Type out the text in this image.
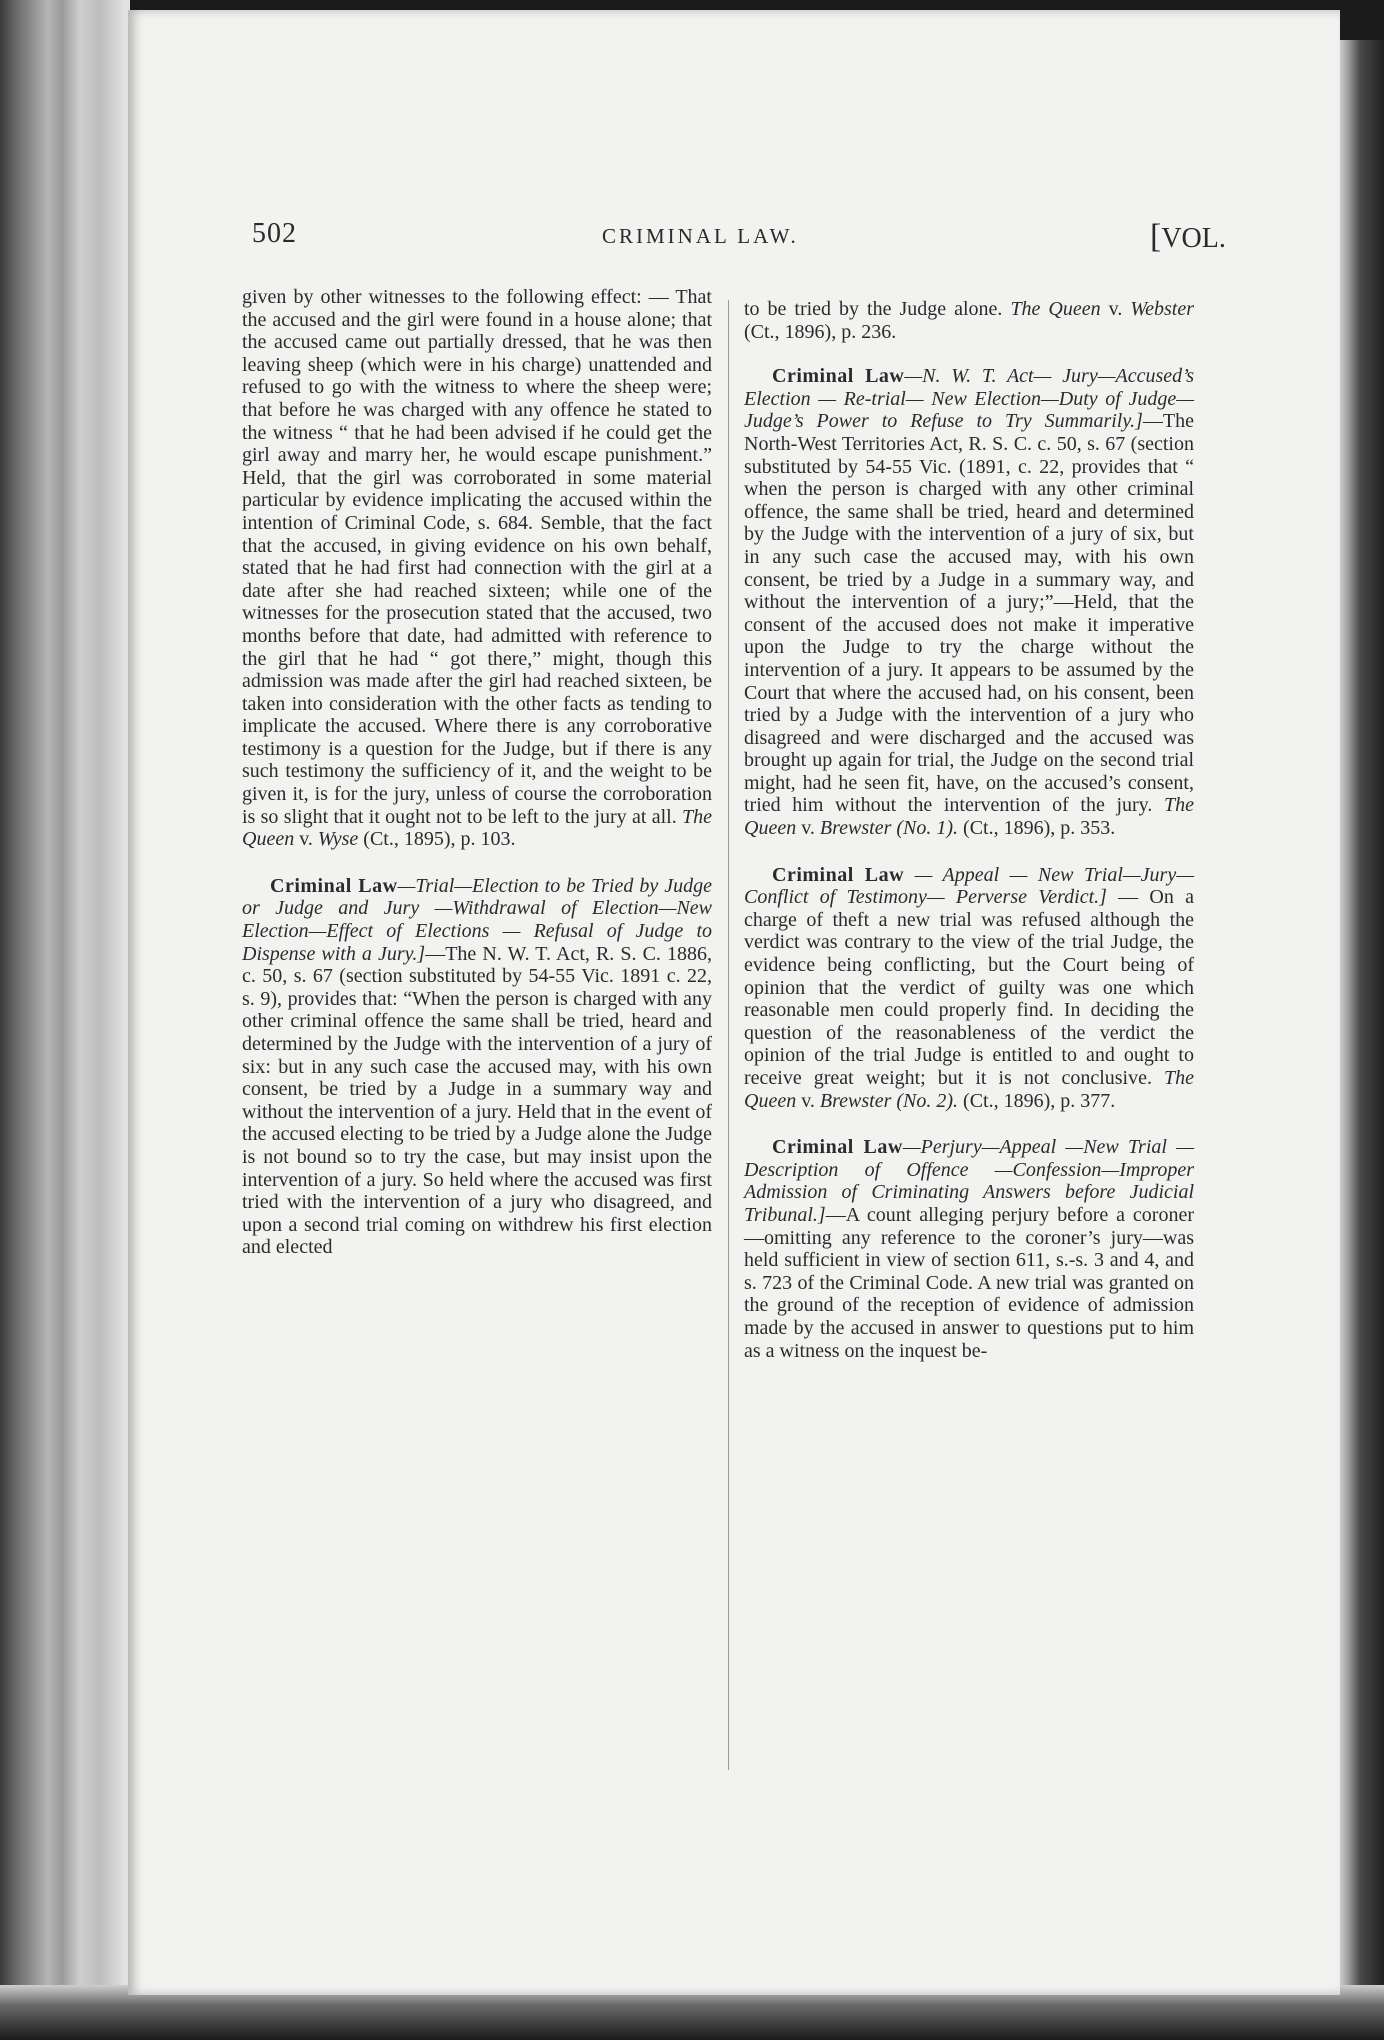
502	CRIMINAL LAW.	[VOL.

given by other witnesses to the following effect: — That the accused and the girl were found in a house alone; that the accused came out partially dressed, that he was then leaving sheep (which were in his charge) unattended and refused to go with the witness to where the sheep were; that before he was charged with any offence he stated to the witness “ that he had been advised if he could get the girl away and marry her, he would escape punishment.” Held, that the girl was corroborated in some material particular by evidence implicating the accused within the intention of Criminal Code, s. 684. Semble, that the fact that the accused, in giving evidence on his own behalf, stated that he had first had connection with the girl at a date after she had reached sixteen; while one of the witnesses for the prosecution stated that the accused, two months before that date, had admitted with reference to the girl that he had “ got there,” might, though this admission was made after the girl had reached sixteen, be taken into consideration with the other facts as tending to implicate the accused. Where there is any corroborative testimony is a question for the Judge, but if there is any such testimony the sufficiency of it, and the weight to be given it, is for the jury, unless of course the corroboration is so slight that it ought not to be left to the jury at all. The Queen v. Wyse (Ct., 1895), p. 103.

Criminal Law—Trial—Election to be Tried by Judge or Judge and Jury —Withdrawal of Election—New Election—Effect of Elections — Refusal of Judge to Dispense with a Jury.]—The N. W. T. Act, R. S. C. 1886, c. 50, s. 67 (section substituted by 54-55 Vic. 1891 c. 22, s. 9), provides that: “When the person is charged with any other criminal offence the same shall be tried, heard and determined by the Judge with the intervention of a jury of six: but in any such case the accused may, with his own consent, be tried by a Judge in a summary way and without the intervention of a jury. Held that in the event of the accused electing to be tried by a Judge alone the Judge is not bound so to try the case, but may insist upon the intervention of a jury. So held where the accused was first tried with the intervention of a jury who disagreed, and upon a second trial coming on withdrew his first election and elected

to be tried by the Judge alone. The Queen v. Webster (Ct., 1896), p. 236.

Criminal Law—N. W. T. Act— Jury—Accused’s Election — Re-trial— New Election—Duty of Judge—Judge’s Power to Refuse to Try Summarily.]—The North-West Territories Act, R. S. C. c. 50, s. 67 (section substituted by 54-55 Vic. (1891, c. 22, provides that “ when the person is charged with any other criminal offence, the same shall be tried, heard and determined by the Judge with the intervention of a jury of six, but in any such case the accused may, with his own consent, be tried by a Judge in a summary way, and without the intervention of a jury;”—Held, that the consent of the accused does not make it imperative upon the Judge to try the charge without the intervention of a jury. It appears to be assumed by the Court that where the accused had, on his consent, been tried by a Judge with the intervention of a jury who disagreed and were discharged and the accused was brought up again for trial, the Judge on the second trial might, had he seen fit, have, on the accused’s consent, tried him without the intervention of the jury. The Queen v. Brewster (No. 1). (Ct., 1896), p. 353.

Criminal Law — Appeal — New Trial—Jury—Conflict of Testimony— Perverse Verdict.] — On a charge of theft a new trial was refused although the verdict was contrary to the view of the trial Judge, the evidence being conflicting, but the Court being of opinion that the verdict of guilty was one which reasonable men could properly find. In deciding the question of the reasonableness of the verdict the opinion of the trial Judge is entitled to and ought to receive great weight; but it is not conclusive. The Queen v. Brewster (No. 2). (Ct., 1896), p. 377.

Criminal Law—Perjury—Appeal —New Trial — Description of Offence —Confession—Improper Admission of Criminating Answers before Judicial Tribunal.]—A count alleging perjury before a coroner—omitting any reference to the coroner’s jury—was held sufficient in view of section 611, s.-s. 3 and 4, and s. 723 of the Criminal Code. A new trial was granted on the ground of the reception of evidence of admission made by the accused in answer to questions put to him as a witness on the inquest be-
